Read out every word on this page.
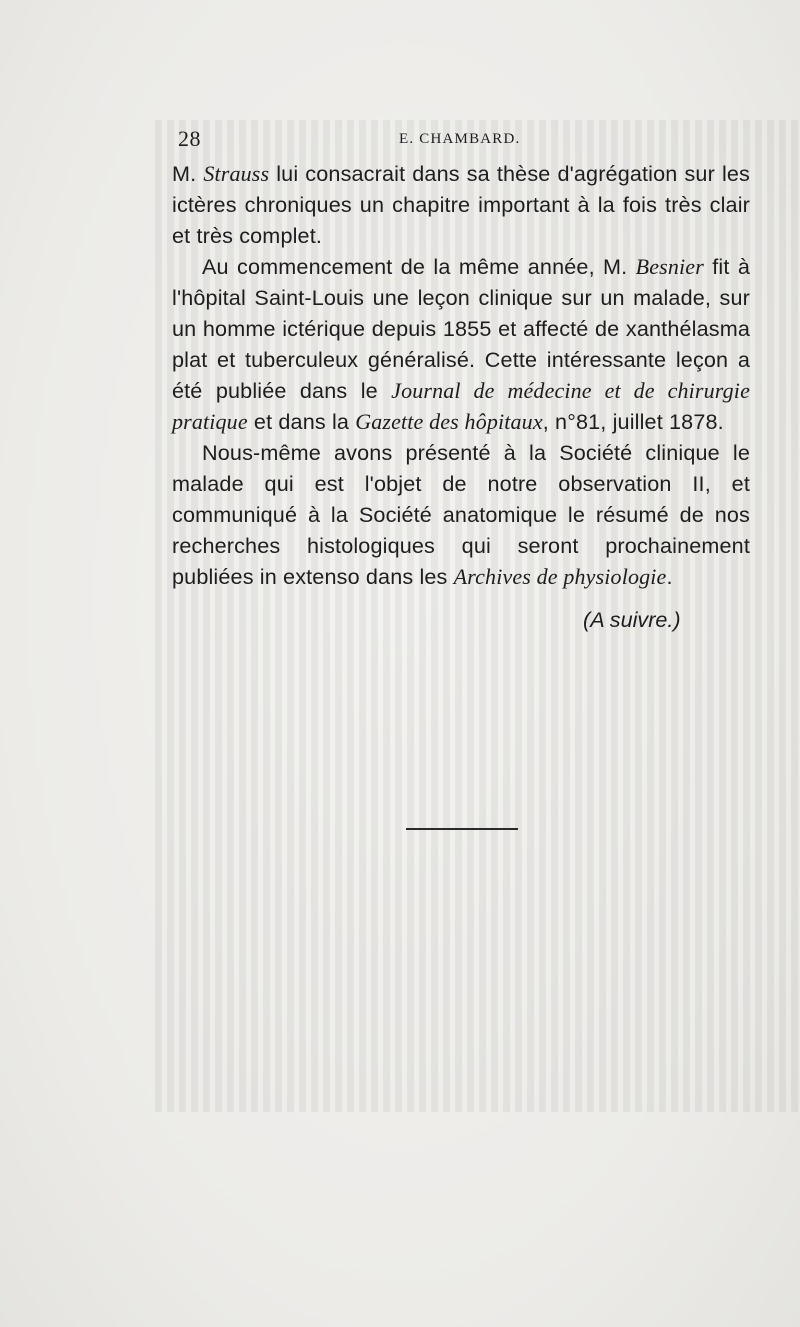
28	E. CHAMBARD.

M. Strauss lui consacrait dans sa thèse d'agrégation sur les ictères chroniques un chapitre important à la fois très clair et très complet.

Au commencement de la même année, M. Besnier fit à l'hôpital Saint-Louis une leçon clinique sur un malade, sur un homme ictérique depuis 1855 et affecté de xanthélasma plat et tuberculeux généralisé. Cette intéressante leçon a été publiée dans le Journal de médecine et de chirurgie pratique et dans la Gazette des hôpitaux, n°81, juillet 1878.

Nous-même avons présenté à la Société clinique le malade qui est l'objet de notre observation II, et communiqué à la Société anatomique le résumé de nos recherches histologiques qui seront prochainement publiées in extenso dans les Archives de physiologie.

(A suivre.)
